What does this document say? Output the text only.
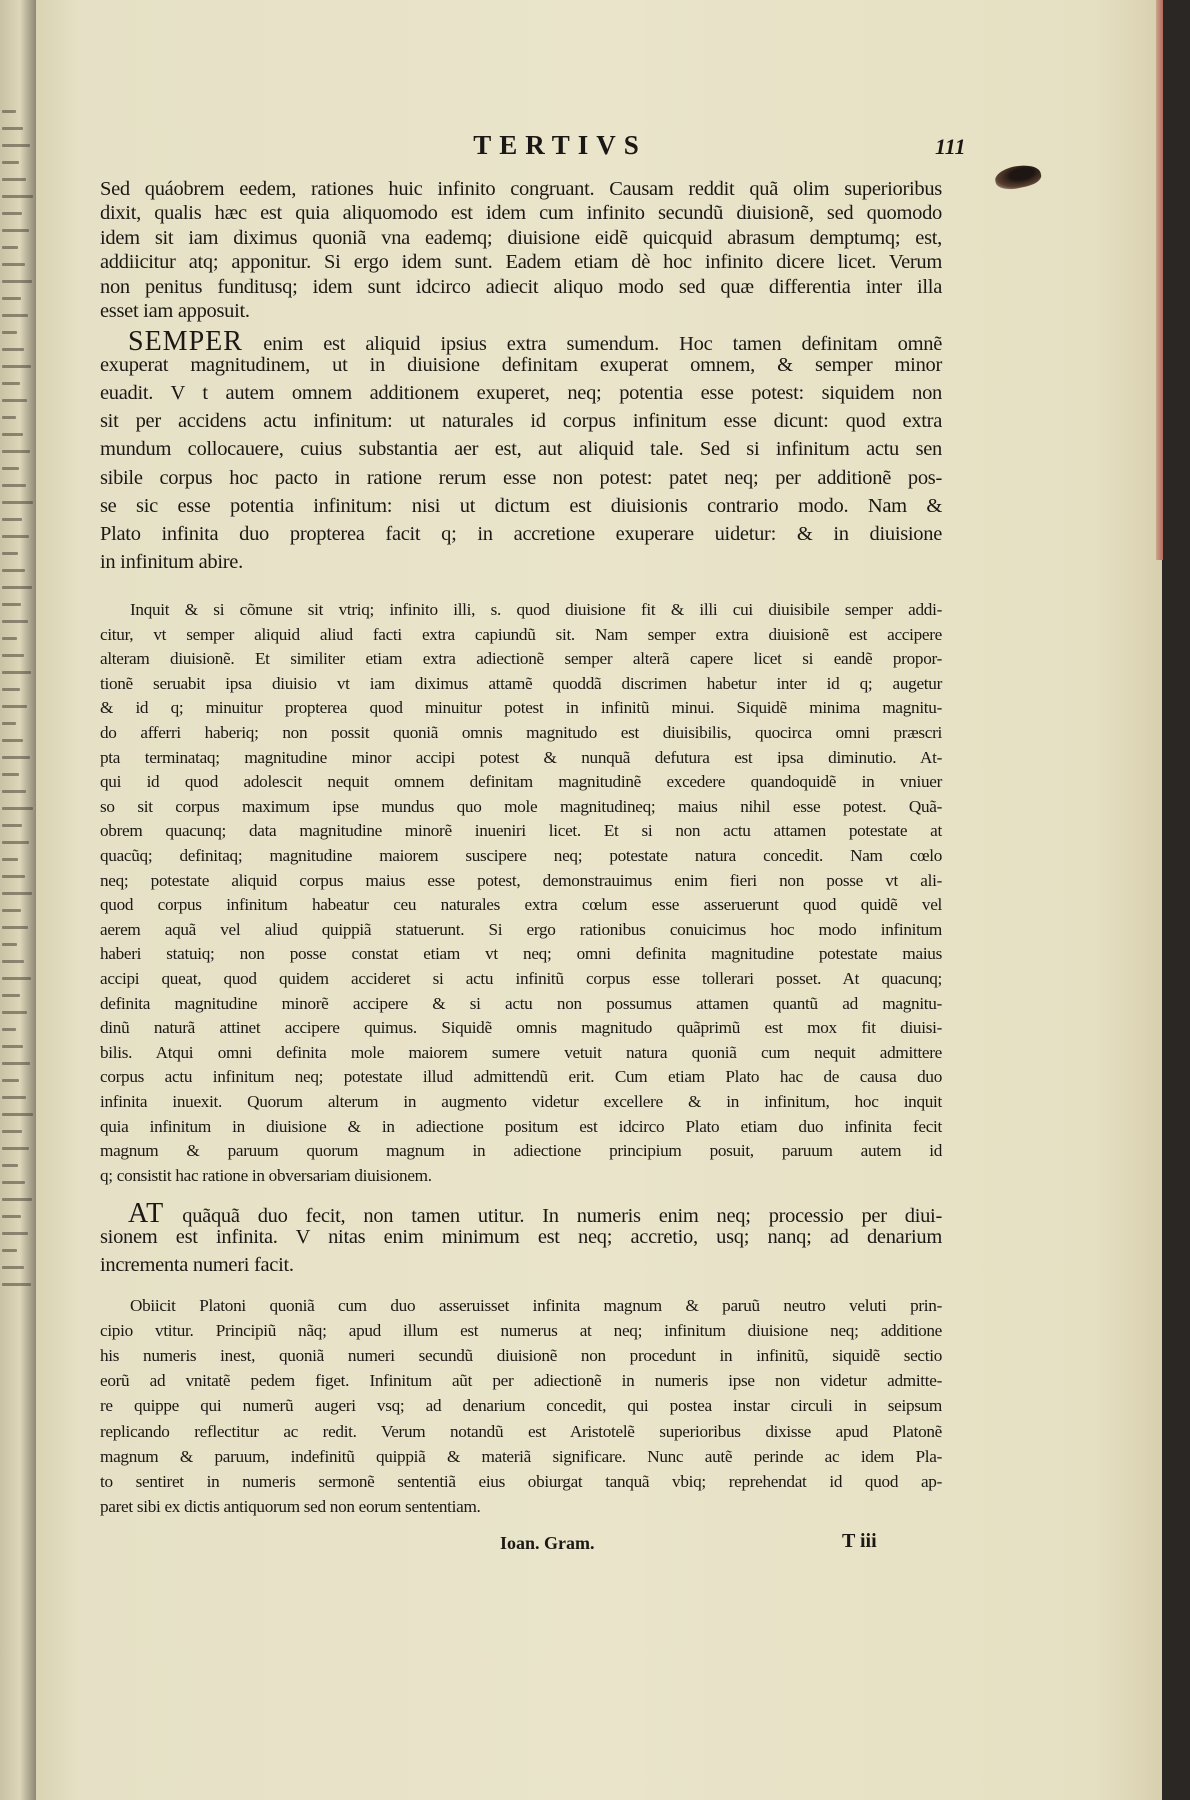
TERTIVS	111
Sed quáobrem eedem, rationes huic infinito congruant. Causam reddit quã olim superioribus
dixit, qualis hæc est quia aliquomodo est idem cum infinito secundũ diuisionẽ, sed quomodo
idem sit iam diximus quoniã vna eademq; diuisione eidẽ quicquid abrasum demptumq; est,
addiicitur atq; apponitur. Si ergo idem sunt. Eadem etiam dè hoc infinito dicere licet. Verum
non penitus funditusq; idem sunt idcirco adiecit aliquo modo sed quæ differentia inter illa
esset iam apposuit.
SEMPER enim est aliquid ipsius extra sumendum. Hoc tamen definitam omnẽ
exuperat magnitudinem, ut in diuisione definitam exuperat omnem, & semper minor
euadit. V t autem omnem additionem exuperet, neq; potentia esse potest: siquidem non
sit per accidens actu infinitum: ut naturales id corpus infinitum esse dicunt: quod extra
mundum collocauere, cuius substantia aer est, aut aliquid tale. Sed si infinitum actu sen
sibile corpus hoc pacto in ratione rerum esse non potest: patet neq; per additionẽ pos-
se sic esse potentia infinitum: nisi ut dictum est diuisionis contrario modo. Nam &
Plato infinita duo propterea facit q; in accretione exuperare uidetur: & in diuisione
in infinitum abire.
Inquit & si cõmune sit vtriq; infinito illi, s. quod diuisione fit & illi cui diuisibile semper addi-
citur, vt semper aliquid aliud facti extra capiundũ sit. Nam semper extra diuisionẽ est accipere
alteram diuisionẽ. Et similiter etiam extra adiectionẽ semper alterã capere licet si eandẽ propor-
tionẽ seruabit ipsa diuisio vt iam diximus attamẽ quoddã discrimen habetur inter id q; augetur
& id q; minuitur propterea quod minuitur potest in infinitũ minui. Siquidẽ minima magnitu-
do afferri haberiq; non possit quoniã omnis magnitudo est diuisibilis, quocirca omni præscri
pta terminataq; magnitudine minor accipi potest & nunquã defutura est ipsa diminutio. At-
qui id quod adolescit nequit omnem definitam magnitudinẽ excedere quandoquidẽ in vniuer
so sit corpus maximum ipse mundus quo mole magnitudineq; maius nihil esse potest. Quã-
obrem quacunq; data magnitudine minorẽ inueniri licet. Et si non actu attamen potestate at
quacũq; definitaq; magnitudine maiorem suscipere neq; potestate natura concedit. Nam cœlo
neq; potestate aliquid corpus maius esse potest, demonstrauimus enim fieri non posse vt ali-
quod corpus infinitum habeatur ceu naturales extra cœlum esse asseruerunt quod quidẽ vel
aerem aquã vel aliud quippiã statuerunt. Si ergo rationibus conuicimus hoc modo infinitum
haberi statuiq; non posse constat etiam vt neq; omni definita magnitudine potestate maius
accipi queat, quod quidem accideret si actu infinitũ corpus esse tollerari posset. At quacunq;
definita magnitudine minorẽ accipere & si actu non possumus attamen quantũ ad magnitu-
dinũ naturã attinet accipere quimus. Siquidẽ omnis magnitudo quãprimũ est mox fit diuisi-
bilis. Atqui omni definita mole maiorem sumere vetuit natura quoniã cum nequit admittere
corpus actu infinitum neq; potestate illud admittendũ erit. Cum etiam Plato hac de causa duo
infinita inuexit. Quorum alterum in augmento videtur excellere & in infinitum, hoc inquit
quia infinitum in diuisione & in adiectione positum est idcirco Plato etiam duo infinita fecit
magnum & paruum quorum magnum in adiectione principium posuit, paruum autem id
q; consistit hac ratione in obversariam diuisionem.
AT quãquã duo fecit, non tamen utitur. In numeris enim neq; processio per diui-
sionem est infinita. V nitas enim minimum est neq; accretio, usq; nanq; ad denarium
incrementa numeri facit.
Obiicit Platoni quoniã cum duo asseruisset infinita magnum & paruũ neutro veluti prin-
cipio vtitur. Principiũ nãq; apud illum est numerus at neq; infinitum diuisione neq; additione
his numeris inest, quoniã numeri secundũ diuisionẽ non procedunt in infinitũ, siquidẽ sectio
eorũ ad vnitatẽ pedem figet. Infinitum aũt per adiectionẽ in numeris ipse non videtur admitte-
re quippe qui numerũ augeri vsq; ad denarium concedit, qui postea instar circuli in seipsum
replicando reflectitur ac redit. Verum notandũ est Aristotelẽ superioribus dixisse apud Platonẽ
magnum & paruum, indefinitũ quippiã & materiã significare. Nunc autẽ perinde ac idem Pla-
to sentiret in numeris sermonẽ sententiã eius obiurgat tanquã vbiq; reprehendat id quod ap-
paret sibi ex dictis antiquorum sed non eorum sententiam.
Ioan. Gram.	T iii
